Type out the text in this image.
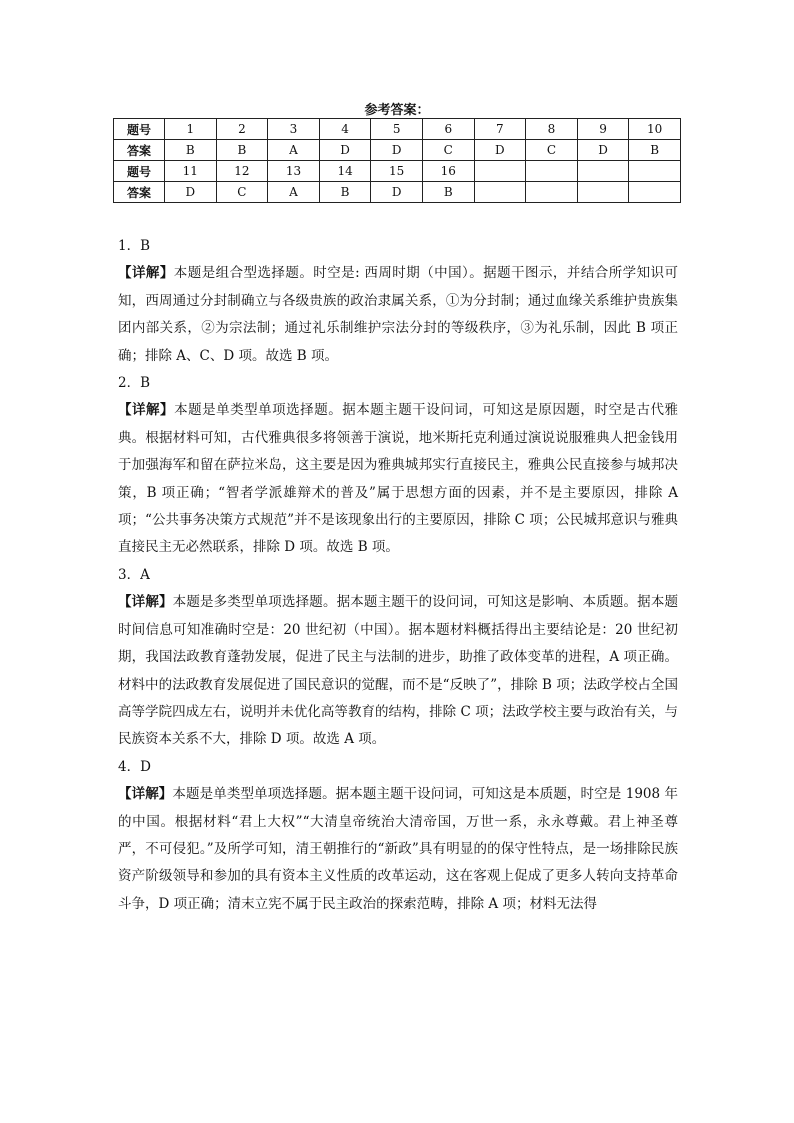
参考答案：
题号	1	2	3	4	5	6	7	8	9	10
答案	B	B	A	D	D	C	D	C	D	B
题号	11	12	13	14	15	16				
答案	D	C	A	B	D	B				

1．B

【详解】本题是组合型选择题。时空是: 西周时期（中国）。据题干图示，并结合所学知识可知，西周通过分封制确立与各级贵族的政治隶属关系，①为分封制；通过血缘关系维护贵族集团内部关系，②为宗法制；通过礼乐制维护宗法分封的等级秩序，③为礼乐制，因此 B 项正确；排除 A、C、D 项。故选 B 项。

2．B

【详解】本题是单类型单项选择题。据本题主题干设问词，可知这是原因题，时空是古代雅典。根据材料可知，古代雅典很多将领善于演说，地米斯托克利通过演说说服雅典人把金钱用于加强海军和留在萨拉米岛，这主要是因为雅典城邦实行直接民主，雅典公民直接参与城邦决策，B 项正确；“智者学派雄辩术的普及”属于思想方面的因素，并不是主要原因，排除 A 项；“公共事务决策方式规范”并不是该现象出行的主要原因，排除 C 项；公民城邦意识与雅典直接民主无必然联系，排除 D 项。故选 B 项。

3．A

【详解】本题是多类型单项选择题。据本题主题干的设问词，可知这是影响、本质题。据本题时间信息可知准确时空是：20 世纪初（中国）。据本题材料概括得出主要结论是：20 世纪初期，我国法政教育蓬勃发展，促进了民主与法制的进步，助推了政体变革的进程，A 项正确。材料中的法政教育发展促进了国民意识的觉醒，而不是“反映了”，排除 B 项；法政学校占全国高等学院四成左右，说明并未优化高等教育的结构，排除 C 项；法政学校主要与政治有关，与民族资本关系不大，排除 D 项。故选 A 项。

4．D

【详解】本题是单类型单项选择题。据本题主题干设问词，可知这是本质题，时空是 1908 年的中国。根据材料“君上大权”“大清皇帝统治大清帝国，万世一系，永永尊戴。君上神圣尊严，不可侵犯。”及所学可知，清王朝推行的“新政”具有明显的的保守性特点，是一场排除民族资产阶级领导和参加的具有资本主义性质的改革运动，这在客观上促成了更多人转向支持革命斗争，D 项正确；清末立宪不属于民主政治的探索范畴，排除 A 项；材料无法得
